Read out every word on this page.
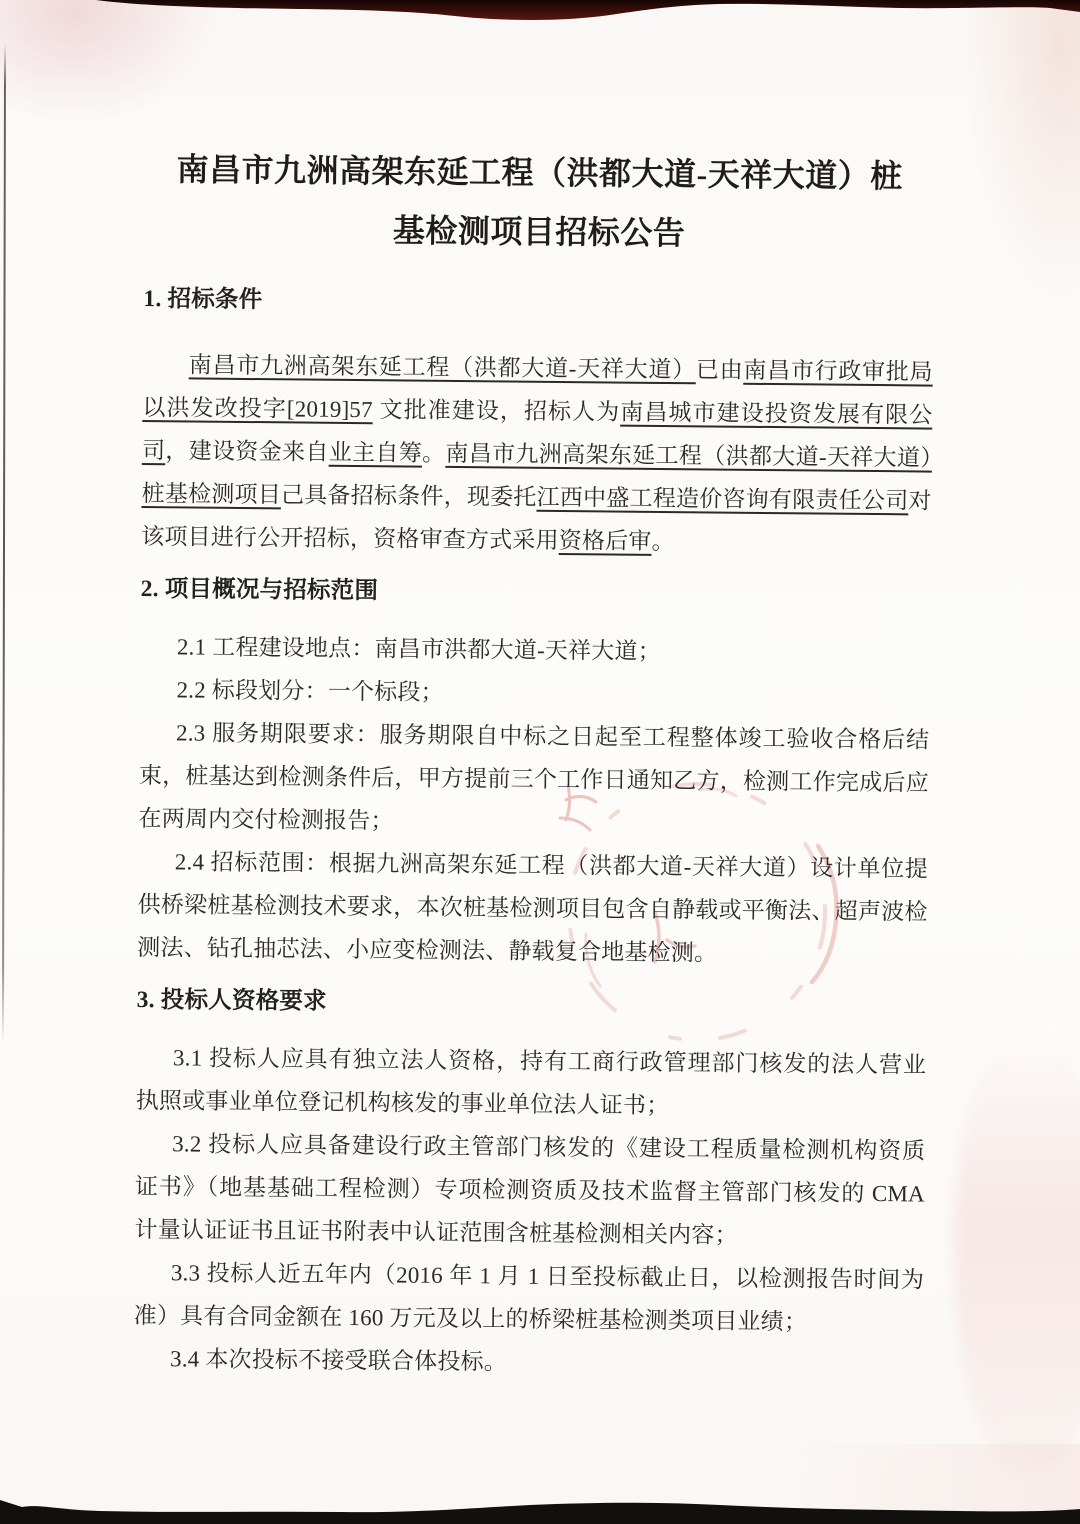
南昌市九洲高架东延工程（洪都大道-天祥大道）桩
基检测项目招标公告
1. 招标条件

南昌市九洲高架东延工程（洪都大道-天祥大道）已由南昌市行政审批局以洪发改投字[2019]57 文批准建设，招标人为南昌城市建设投资发展有限公司，建设资金来自业主自筹。南昌市九洲高架东延工程（洪都大道-天祥大道）桩基检测项目己具备招标条件，现委托江西中盛工程造价咨询有限责任公司对该项目进行公开招标，资格审查方式采用资格后审。

2. 项目概况与招标范围

2.1 工程建设地点：南昌市洪都大道-天祥大道；

2.2 标段划分：一个标段；

2.3 服务期限要求：服务期限自中标之日起至工程整体竣工验收合格后结束，桩基达到检测条件后，甲方提前三个工作日通知乙方，检测工作完成后应在两周内交付检测报告；

2.4 招标范围：根据九洲高架东延工程（洪都大道-天祥大道）设计单位提供桥梁桩基检测技术要求，本次桩基检测项目包含自静载或平衡法、超声波检测法、钻孔抽芯法、小应变检测法、静载复合地基检测。

3. 投标人资格要求

3.1 投标人应具有独立法人资格，持有工商行政管理部门核发的法人营业执照或事业单位登记机构核发的事业单位法人证书；

3.2 投标人应具备建设行政主管部门核发的《建设工程质量检测机构资质证书》（地基基础工程检测）专项检测资质及技术监督主管部门核发的 CMA 计量认证证书且证书附表中认证范围含桩基检测相关内容；

3.3 投标人近五年内（2016 年 1 月 1 日至投标截止日，以检测报告时间为准）具有合同金额在 160 万元及以上的桥梁桩基检测类项目业绩；

3.4 本次投标不接受联合体投标。
